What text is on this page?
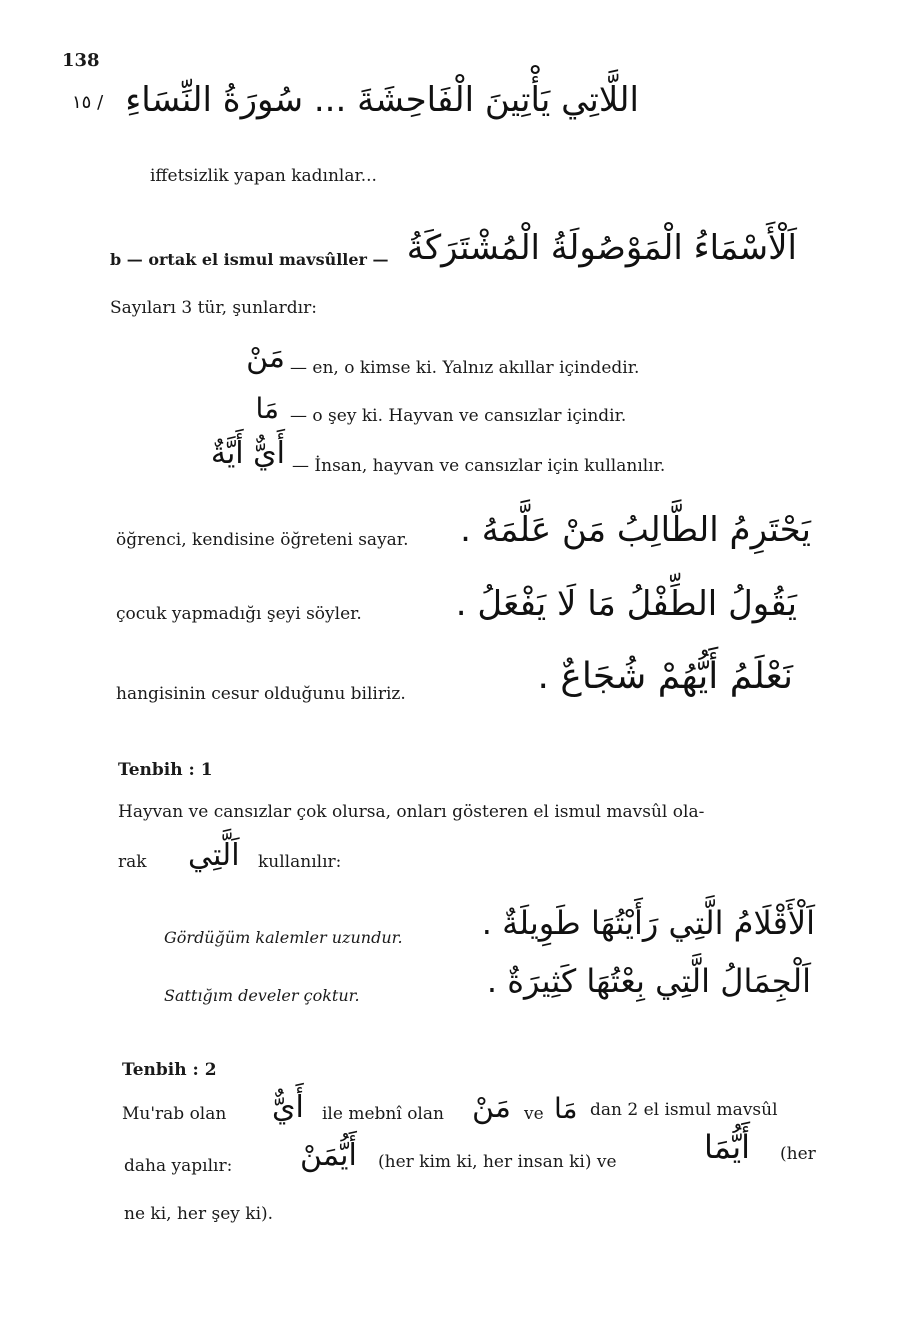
138
اللَّاتِي يَأْتِينَ الْفَاحِشَةَ ... سُورَةُ النِّسَاءِ
١٥ /
iffetsizlik yapan kadınlar...
b — ortak el ismul mavsûller — اَلْأَسْمَاءُ الْمَوْصُولَةُ الْمُشْتَرَكَةُ
Sayıları 3 tür, şunlardır:
مَنْ — en, o kimse ki. Yalnız akıllar içindedir.
مَا — o şey ki. Hayvan ve cansızlar içindir.
أَيٌّ أَيَّةٌ — İnsan, hayvan ve cansızlar için kullanılır.
öğrenci, kendisine öğreteni sayar. يَحْتَرِمُ الطَّالِبُ مَنْ عَلَّمَهُ .
çocuk yapmadığı şeyi söyler.	يَقُولُ الطِّفْلُ مَا لَا يَفْعَلُ .
hangisinin cesur olduğunu biliriz.	نَعْلَمُ أَيُّهُمْ شُجَاعٌ .
Tenbih : 1
Hayvan ve cansızlar çok olursa, onları gösteren el ismul mavsûl ola-
rak اَلَّتِي kullanılır:
Gördüğüm kalemler uzundur. اَلْأَقْلَامُ الَّتِي رَأَيْتُهَا طَوِيلَةٌ .
Sattığım develer çoktur.	اَلْجِمَالُ الَّتِي بِعْتُهَا كَثِيرَةٌ .
Tenbih : 2
Mu'rab olan أَيٌّ ile mebnî olan مَنْ ve مَا dan 2 el ismul mavsûl
daha yapılır: أَيُّمَنْ (her kim ki, her insan ki) ve	أَيُّمَا (her
ne ki, her şey ki).
